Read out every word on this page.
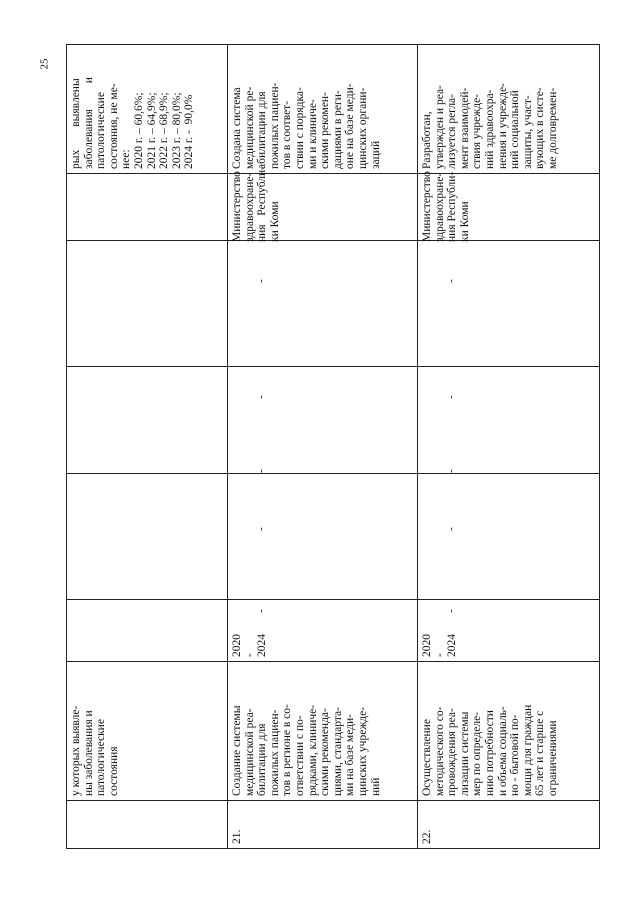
25
у которых выявле-
ны заболевания и
патологические
состояния
рых        выявлены
заболевания         и
патологические
состояния, не ме-
нее:
2020 г. – 60,6%;
2021 г. – 64,9%;
2022 г. – 68,9%;
2023 г. – 80,0%;
2024 г. -  90,0%
21.
Создание системы
медицинской реа-
билитации для
пожилых пациен-
тов в регионе в со-
ответствии с по-
рядками, клиниче-
скими рекоменда-
циями, стандарта-
ми на базе меди-
цинских учрежде-
ний
2020
-
2024
-
-
-
-
-
Министерство
здравоохране-
ния   Республи-
ки Коми
Создана система
медицинской ре-
абилитации для
пожилых пациен-
тов в соответ-
ствии с порядка-
ми и клиниче-
скими рекомен-
дациями в реги-
оне на базе меди-
цинских органи-
заций
22.
Осуществление
методического со-
провождения реа-
лизации системы
мер по определе-
нию потребности
и объема социаль-
но - бытовой по-
мощи для граждан
65 лет и старше с
ограничениями
2020
-
2024
-
-
-
-
-
Министерство
здравоохране-
ния Республи-
ки Коми
Разработан,
утвержден и реа-
лизуется регла-
мент взаимодей-
ствия учрежде-
ний здравоохра-
нения и учрежде-
ний социальной
защиты, участ-
вующих в систе-
ме долговремен-
